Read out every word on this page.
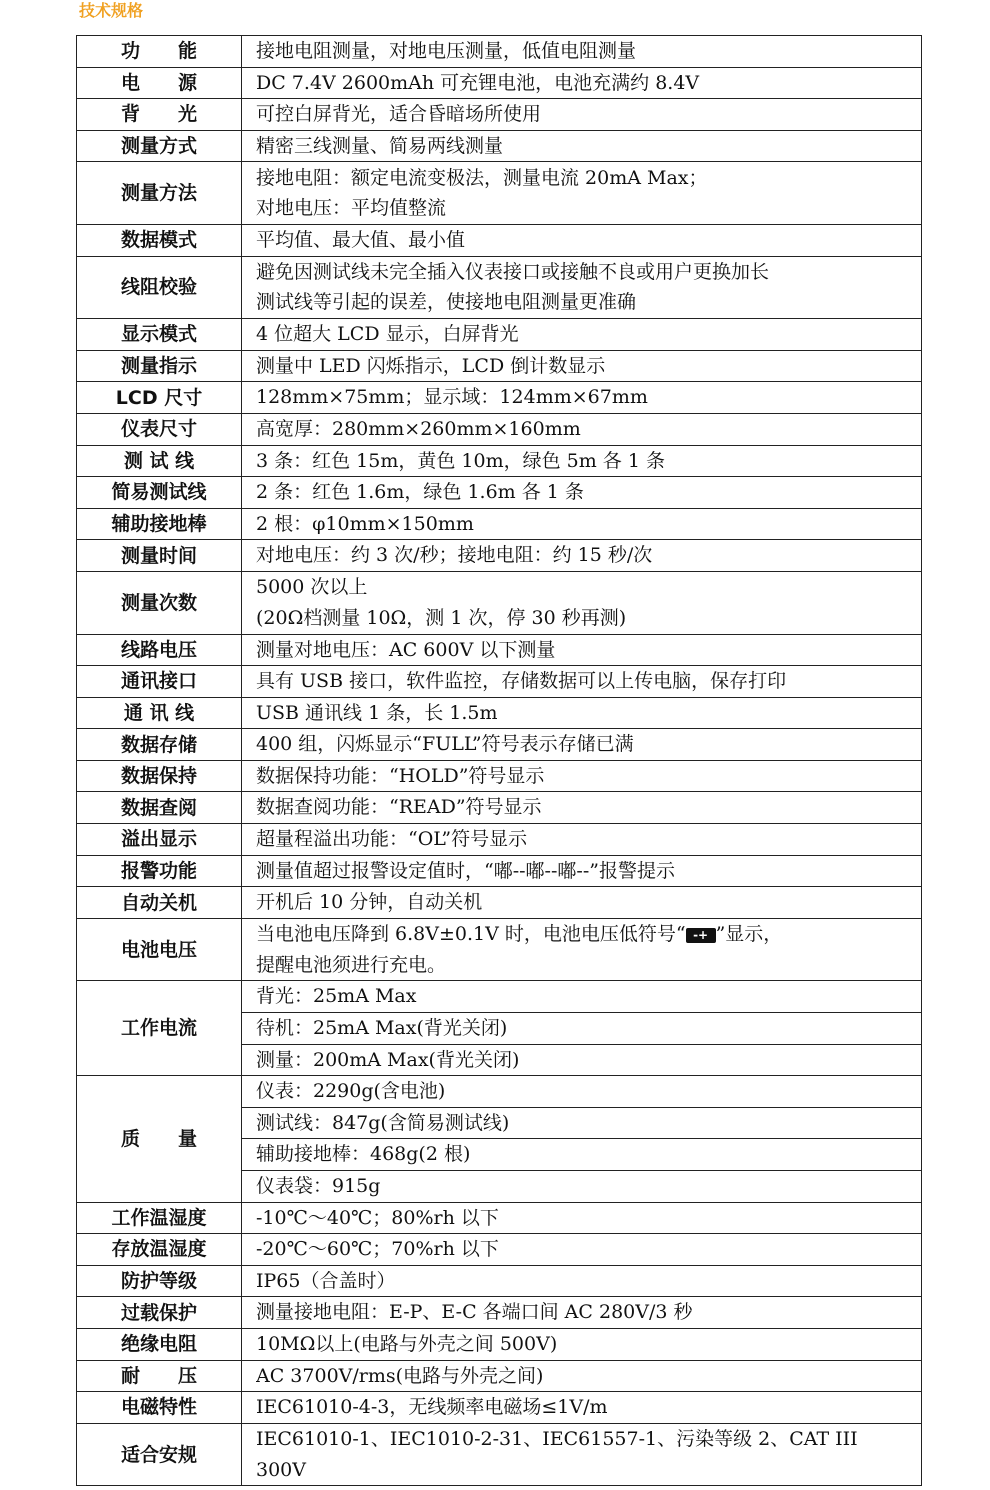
技术规格
功　　能	接地电阻测量，对地电压测量，低值电阻测量

电　　源	DC 7.4V 2600mAh 可充锂电池，电池充满约 8.4V

背　　光	可控白屏背光，适合昏暗场所使用

测量方式	精密三线测量、简易两线测量

测量方法	接地电阻：额定电流变极法，测量电流 20mA Max；
对地电压：平均值整流

数据模式	平均值、最大值、最小值

线阻校验	避免因测试线未完全插入仪表接口或接触不良或用户更换加长
测试线等引起的误差，使接地电阻测量更准确

显示模式	4 位超大 LCD 显示，白屏背光

测量指示	测量中 LED 闪烁指示，LCD 倒计数显示

LCD 尺寸	128mm×75mm；显示域：124mm×67mm

仪表尺寸	高宽厚：280mm×260mm×160mm

测 试 线	3 条：红色 15m，黄色 10m，绿色 5m 各 1 条

简易测试线	2 条：红色 1.6m，绿色 1.6m 各 1 条

辅助接地棒	2 根：φ10mm×150mm

测量时间	对地电压：约 3 次/秒；接地电阻：约 15 秒/次

测量次数	5000 次以上
(20Ω档测量 10Ω，测 1 次，停 30 秒再测)

线路电压	测量对地电压：AC 600V 以下测量

通讯接口	具有 USB 接口，软件监控，存储数据可以上传电脑，保存打印

通 讯 线	USB 通讯线 1 条，长 1.5m

数据存储	400 组，闪烁显示“FULL”符号表示存储已满

数据保持	数据保持功能：“HOLD”符号显示

数据查阅	数据查阅功能：“READ”符号显示

溢出显示	超量程溢出功能：“OL”符号显示

报警功能	测量值超过报警设定值时，“嘟--嘟--嘟--”报警提示

自动关机	开机后 10 分钟，自动关机

电池电压	当电池电压降到 6.8V±0.1V 时，电池电压低符号“ -+ ”显示，
提醒电池须进行充电。

工作电流	背光：25mA Max

	待机：25mA Max(背光关闭)

	测量：200mA Max(背光关闭)

质　　量	仪表：2290g(含电池)

	测试线：847g(含简易测试线)

	辅助接地棒：468g(2 根)

	仪表袋：915g

工作温湿度	-10℃～40℃；80%rh 以下

存放温湿度	-20℃～60℃；70%rh 以下

防护等级	IP65（合盖时）

过载保护	测量接地电阻：E-P、E-C 各端口间 AC 280V/3 秒

绝缘电阻	10MΩ以上(电路与外壳之间 500V)

耐　　压	AC 3700V/rms(电路与外壳之间)

电磁特性	IEC61010-4-3，无线频率电磁场≤1V/m

适合安规	IEC61010-1、IEC1010-2-31、IEC61557-1、污染等级 2、CAT III
300V
